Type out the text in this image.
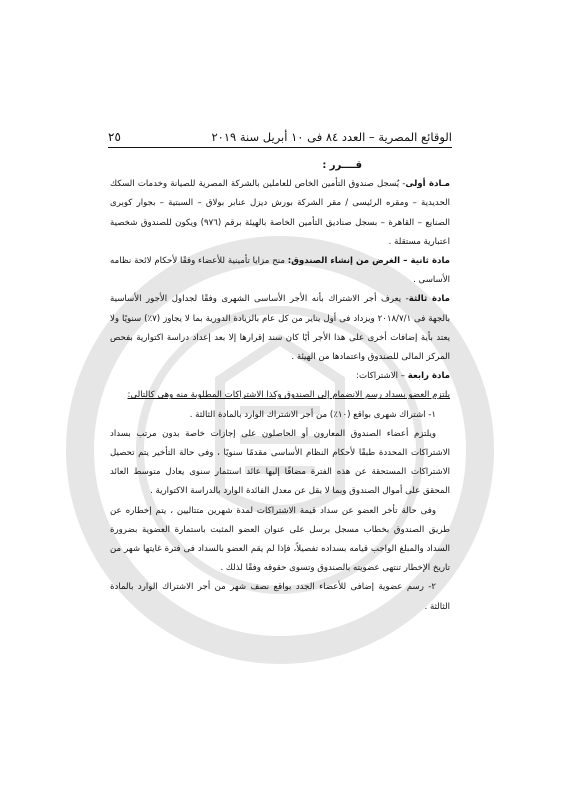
الوقائع المصرية – العدد ٨٤ فى ١٠ أبريل سنة ٢٠١٩
٢٥

قــــرر :

مـادة أولى- يُسجل صندوق التأمين الخاص للعاملين بالشركة المصرية للصيانة وخدمات السكك الحديدية – ومقره الرئيسى / مقر الشركة بورش ديزل عنابر بولاق – السبتية – بجوار كوبرى الصنايع – القاهرة – بسجل صناديق التأمين الخاصة بالهيئة برقم (٩٧٦) ويكون للصندوق شخصية اعتبارية مستقلة .

مادة ثانية – الغرض من إنشاء الصندوق: منح مزايا تأمينية للأعضاء وفقًا لأحكام لائحة نظامه الأساسى .

مادة ثالثة- يعرف أجر الاشتراك بأنه الأجر الأساسى الشهرى وفقًا لجداول الأجور الأساسية بالجهة فى ٢٠١٨/٧/١ ويزداد فى أول يناير من كل عام بالزيادة الدورية بما لا يجاوز (٧٪) سنويًا ولا يعتد بأية إضافات أخرى على هذا الأجر أيًا كان سند إقرارها إلا بعد إعداد دراسة اكتوارية بفحص المركز المالى للصندوق واعتمادها من الهيئة .

مادة رابعة – الاشتراكات:

يلتزم العضو بسداد رسم الانضمام إلى الصندوق وكذا الاشتراكات المطلوبة منه وهى كالتالى:

١- اشتراك شهرى بواقع (١٠٪) من أجر الاشتراك الوارد بالمادة الثالثة .

ويلتزم أعضاء الصندوق المعارون أو الحاصلون على إجازات خاصة بدون مرتب بسداد الاشتراكات المحددة طبقًا لأحكام النظام الأساسى مقدمًا سنويًا ، وفى حالة التأخير يتم تحصيل الاشتراكات المستحقة عن هذه الفترة مضافًا إليها عائد استثمار سنوى يعادل متوسط العائد المحقق على أموال الصندوق وبما لا يقل عن معدل الفائدة الوارد بالدراسة الاكتوارية .

وفى حالة تأخر العضو عن سداد قيمة الاشتراكات لمدة شهرين متتاليين ، يتم إخطاره عن طريق الصندوق بخطاب مسجل برسل على عنوان العضو المثبت باستمارة العضوية بضرورة السداد والمبلغ الواجب قيامه بسداده تفصيلاً، فإذا لم يقم العضو بالسداد فى فترة غايتها شهر من تاريخ الإخطار تنتهى عضويته بالصندوق وتسوى حقوقه وفقًا لذلك .

٢- رسم عضوية إضافى للأعضاء الجدد بواقع نصف شهر من أجر الاشتراك الوارد بالمادة الثالثة .
